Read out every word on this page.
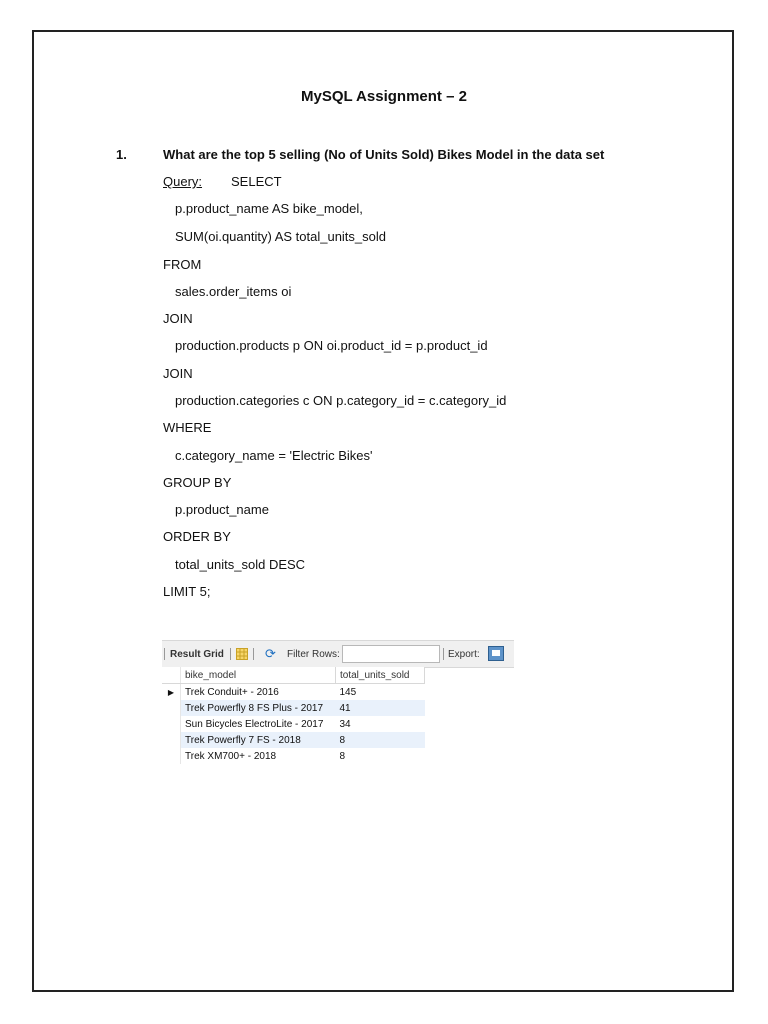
MySQL Assignment – 2
1.	What are the top 5 selling (No of Units Sold) Bikes Model in the data set
Query: SELECT
p.product_name AS bike_model,
SUM(oi.quantity) AS total_units_sold
FROM
sales.order_items oi
JOIN
production.products p ON oi.product_id = p.product_id
JOIN
production.categories c ON p.category_id = c.category_id
WHERE
c.category_name = 'Electric Bikes'
GROUP BY
p.product_name
ORDER BY
total_units_sold DESC
LIMIT 5;
Result Grid	⟳ Filter Rows:	Export:
	bike_model	total_units_sold
▶	Trek Conduit+ - 2016	145
	Trek Powerfly 8 FS Plus - 2017	41
	Sun Bicycles ElectroLite - 2017	34
	Trek Powerfly 7 FS - 2018	8
	Trek XM700+ - 2018	8
